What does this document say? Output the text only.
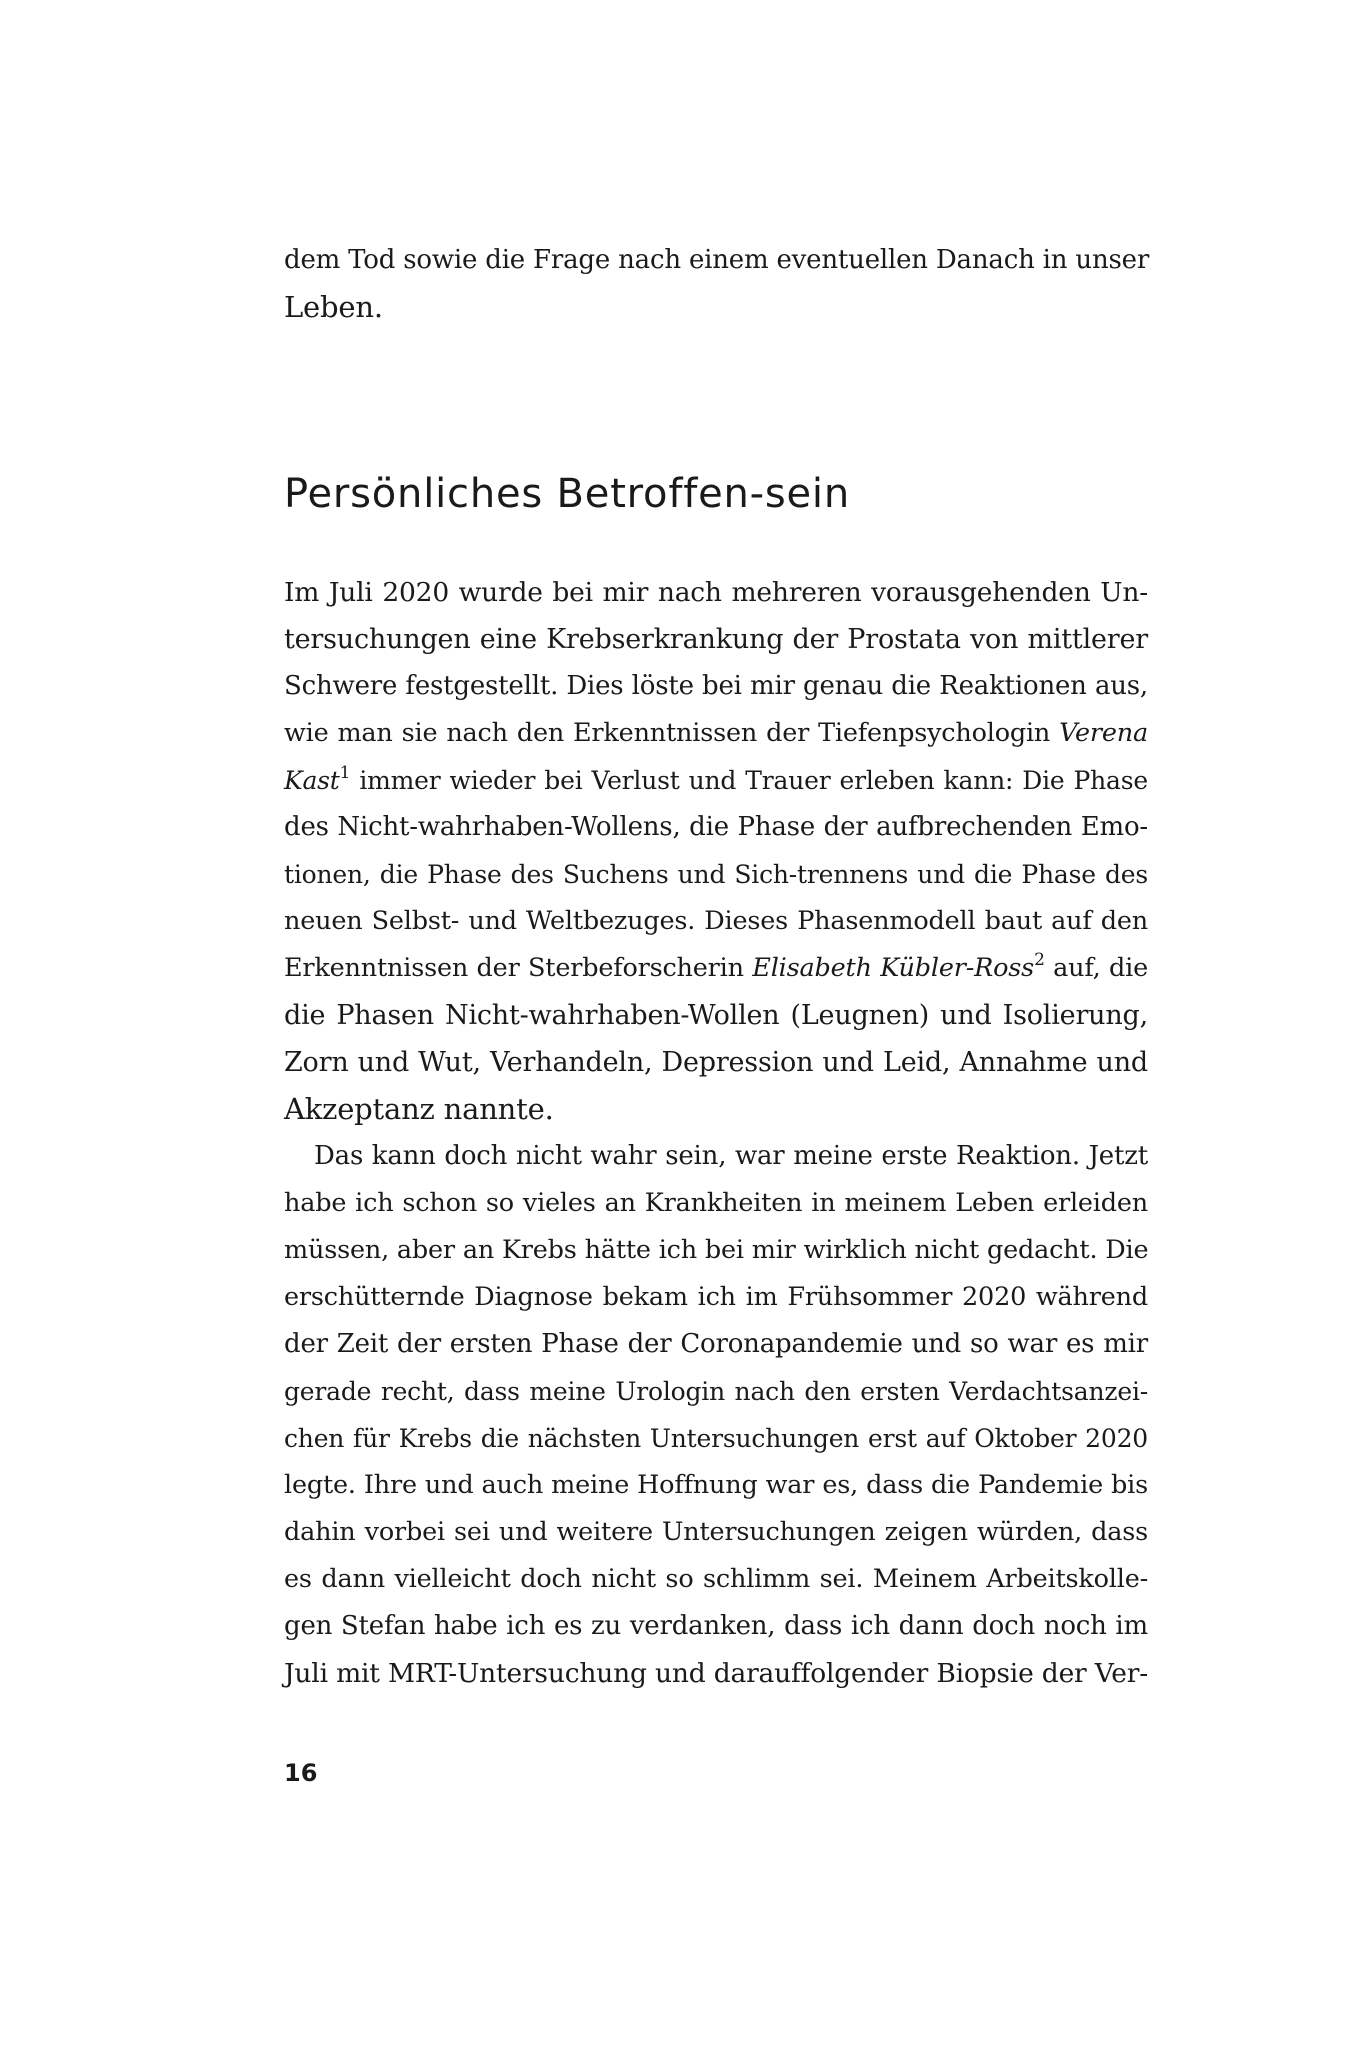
dem Tod sowie die Frage nach einem eventuellen Danach in unser
Leben.
Persönliches Betroffen-sein
Im Juli 2020 wurde bei mir nach mehreren vorausgehenden Un-
tersuchungen eine Krebserkrankung der Prostata von mittlerer
Schwere festgestellt. Dies löste bei mir genau die Reaktionen aus,
wie man sie nach den Erkenntnissen der Tiefenpsychologin Verena
Kast$^1$ immer wieder bei Verlust und Trauer erleben kann: Die Phase
des Nicht-wahrhaben-Wollens, die Phase der aufbrechenden Emo-
tionen, die Phase des Suchens und Sich-trennens und die Phase des
neuen Selbst- und Weltbezuges. Dieses Phasenmodell baut auf den
Erkenntnissen der Sterbeforscherin Elisabeth Kübler-Ross$^2$ auf, die
die Phasen Nicht-wahrhaben-Wollen (Leugnen) und Isolierung,
Zorn und Wut, Verhandeln, Depression und Leid, Annahme und
Akzeptanz nannte.
Das kann doch nicht wahr sein, war meine erste Reaktion. Jetzt
habe ich schon so vieles an Krankheiten in meinem Leben erleiden
müssen, aber an Krebs hätte ich bei mir wirklich nicht gedacht. Die
erschütternde Diagnose bekam ich im Frühsommer 2020 während
der Zeit der ersten Phase der Coronapandemie und so war es mir
gerade recht, dass meine Urologin nach den ersten Verdachtsanzei-
chen für Krebs die nächsten Untersuchungen erst auf Oktober 2020
legte. Ihre und auch meine Hoffnung war es, dass die Pandemie bis
dahin vorbei sei und weitere Untersuchungen zeigen würden, dass
es dann vielleicht doch nicht so schlimm sei. Meinem Arbeitskolle-
gen Stefan habe ich es zu verdanken, dass ich dann doch noch im
Juli mit MRT-Untersuchung und darauffolgender Biopsie der Ver-
16
